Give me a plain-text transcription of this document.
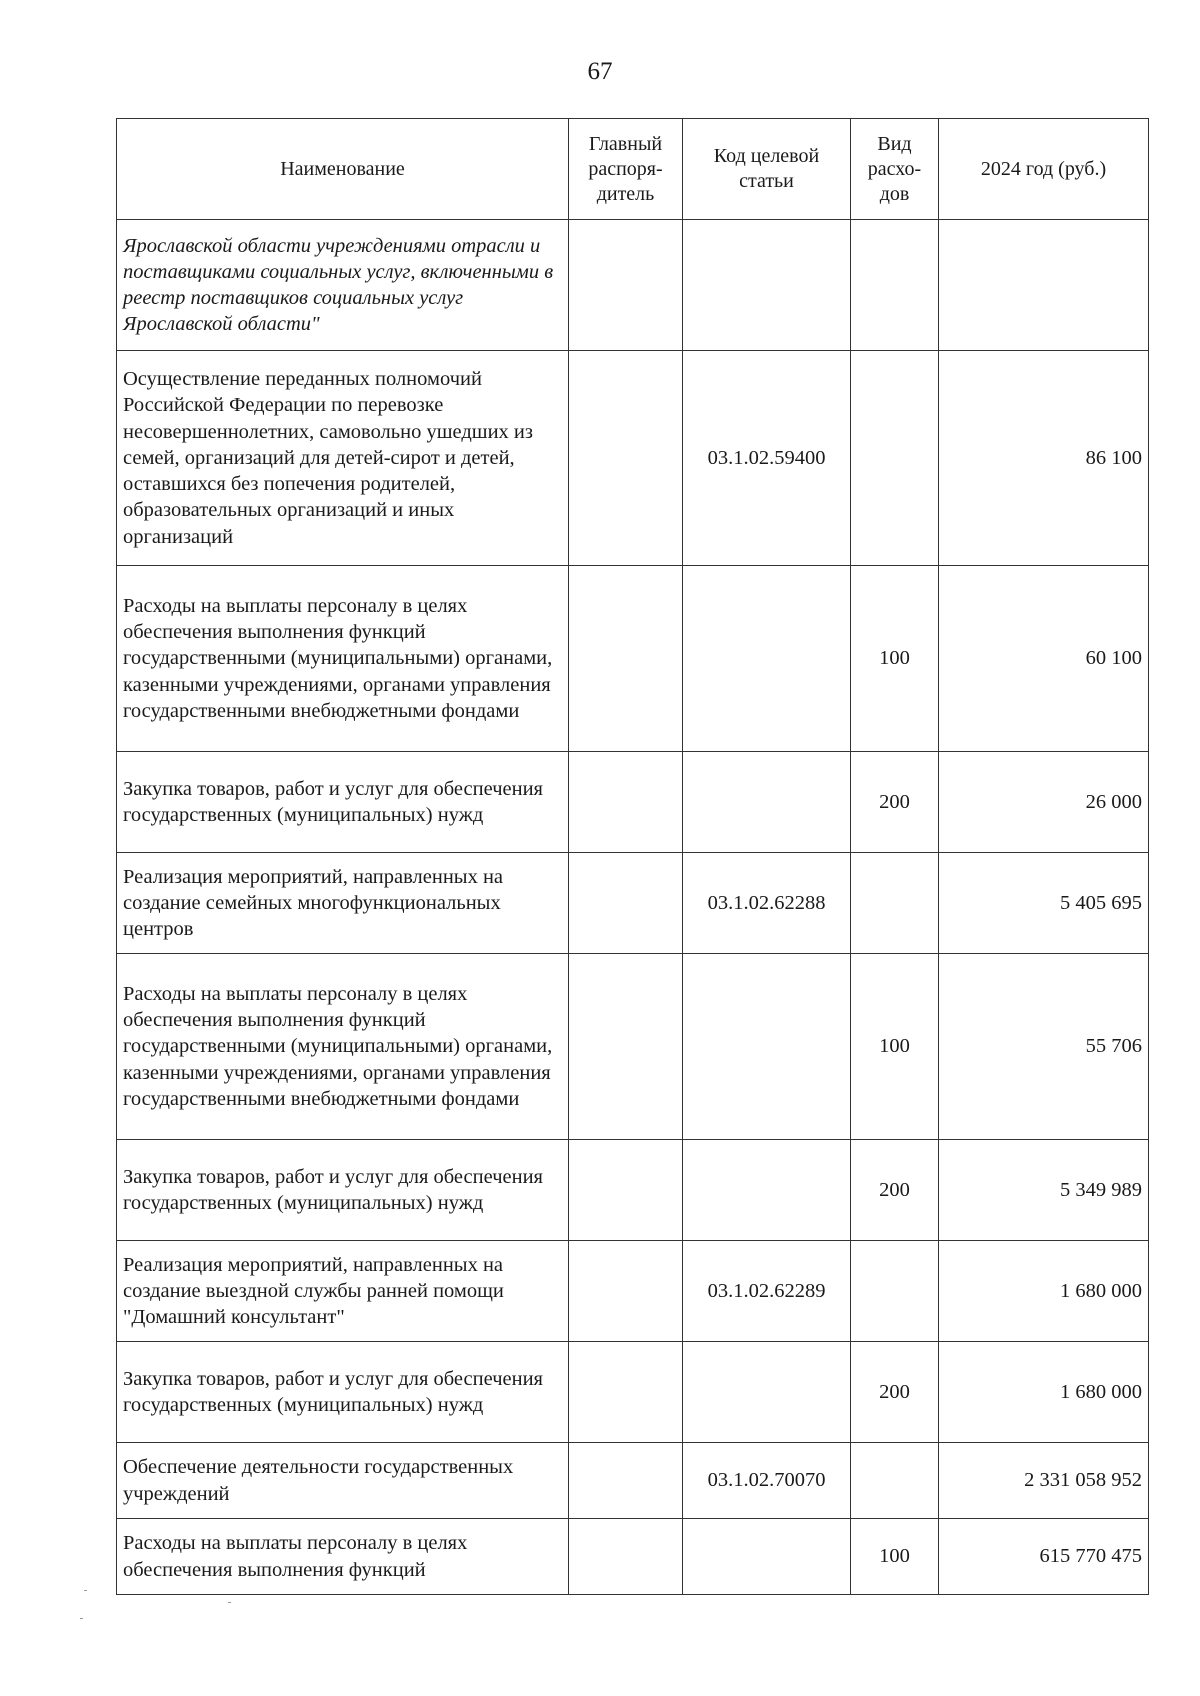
67
Наименование	Главный распоря-дитель	Код целевой статьи	Вид расхо-дов	2024 год (руб.)
Ярославской области учреждениями отрасли и поставщиками социальных услуг, включенными в реестр поставщиков социальных услуг Ярославской области"				
Осуществление переданных полномочий Российской Федерации по перевозке несовершеннолетних, самовольно ушедших из семей, организаций для детей-сирот и детей, оставшихся без попечения родителей, образовательных организаций и иных организаций		03.1.02.59400		86 100
Расходы на выплаты персоналу в целях обеспечения выполнения функций государственными (муниципальными) органами, казенными учреждениями, органами управления государственными внебюджетными фондами			100	60 100
Закупка товаров, работ и услуг для обеспечения государственных (муниципальных) нужд			200	26 000
Реализация мероприятий, направленных на создание семейных многофункциональных центров		03.1.02.62288		5 405 695
Расходы на выплаты персоналу в целях обеспечения выполнения функций государственными (муниципальными) органами, казенными учреждениями, органами управления государственными внебюджетными фондами			100	55 706
Закупка товаров, работ и услуг для обеспечения государственных (муниципальных) нужд			200	5 349 989
Реализация мероприятий, направленных на создание выездной службы ранней помощи "Домашний консультант"		03.1.02.62289		1 680 000
Закупка товаров, работ и услуг для обеспечения государственных (муниципальных) нужд			200	1 680 000
Обеспечение деятельности государственных учреждений		03.1.02.70070		2 331 058 952
Расходы на выплаты персоналу в целях обеспечения выполнения функций			100	615 770 475
